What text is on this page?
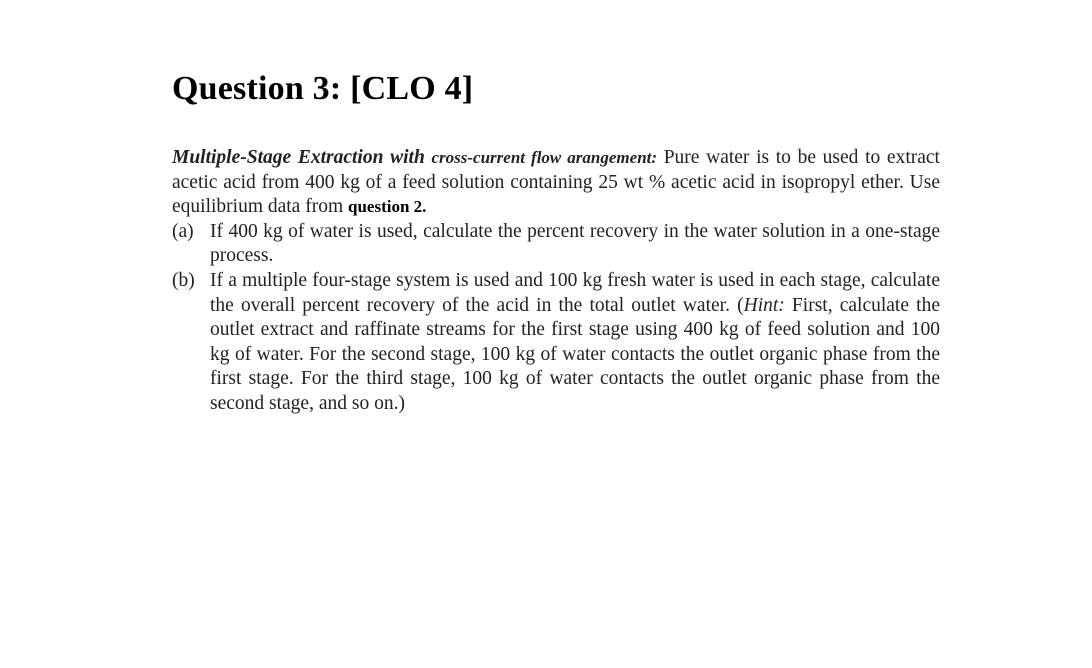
Question 3: [CLO 4]

Multiple-Stage Extraction with cross-current flow arangement: Pure water is to be used to extract acetic acid from 400 kg of a feed solution containing 25 wt % acetic acid in isopropyl ether. Use equilibrium data from question 2.

(a) If 400 kg of water is used, calculate the percent recovery in the water solution in a one-stage process.

(b) If a multiple four-stage system is used and 100 kg fresh water is used in each stage, calculate the overall percent recovery of the acid in the total outlet water. (Hint: First, calculate the outlet extract and raffinate streams for the first stage using 400 kg of feed solution and 100 kg of water. For the second stage, 100 kg of water contacts the outlet organic phase from the first stage. For the third stage, 100 kg of water contacts the outlet organic phase from the second stage, and so on.)
